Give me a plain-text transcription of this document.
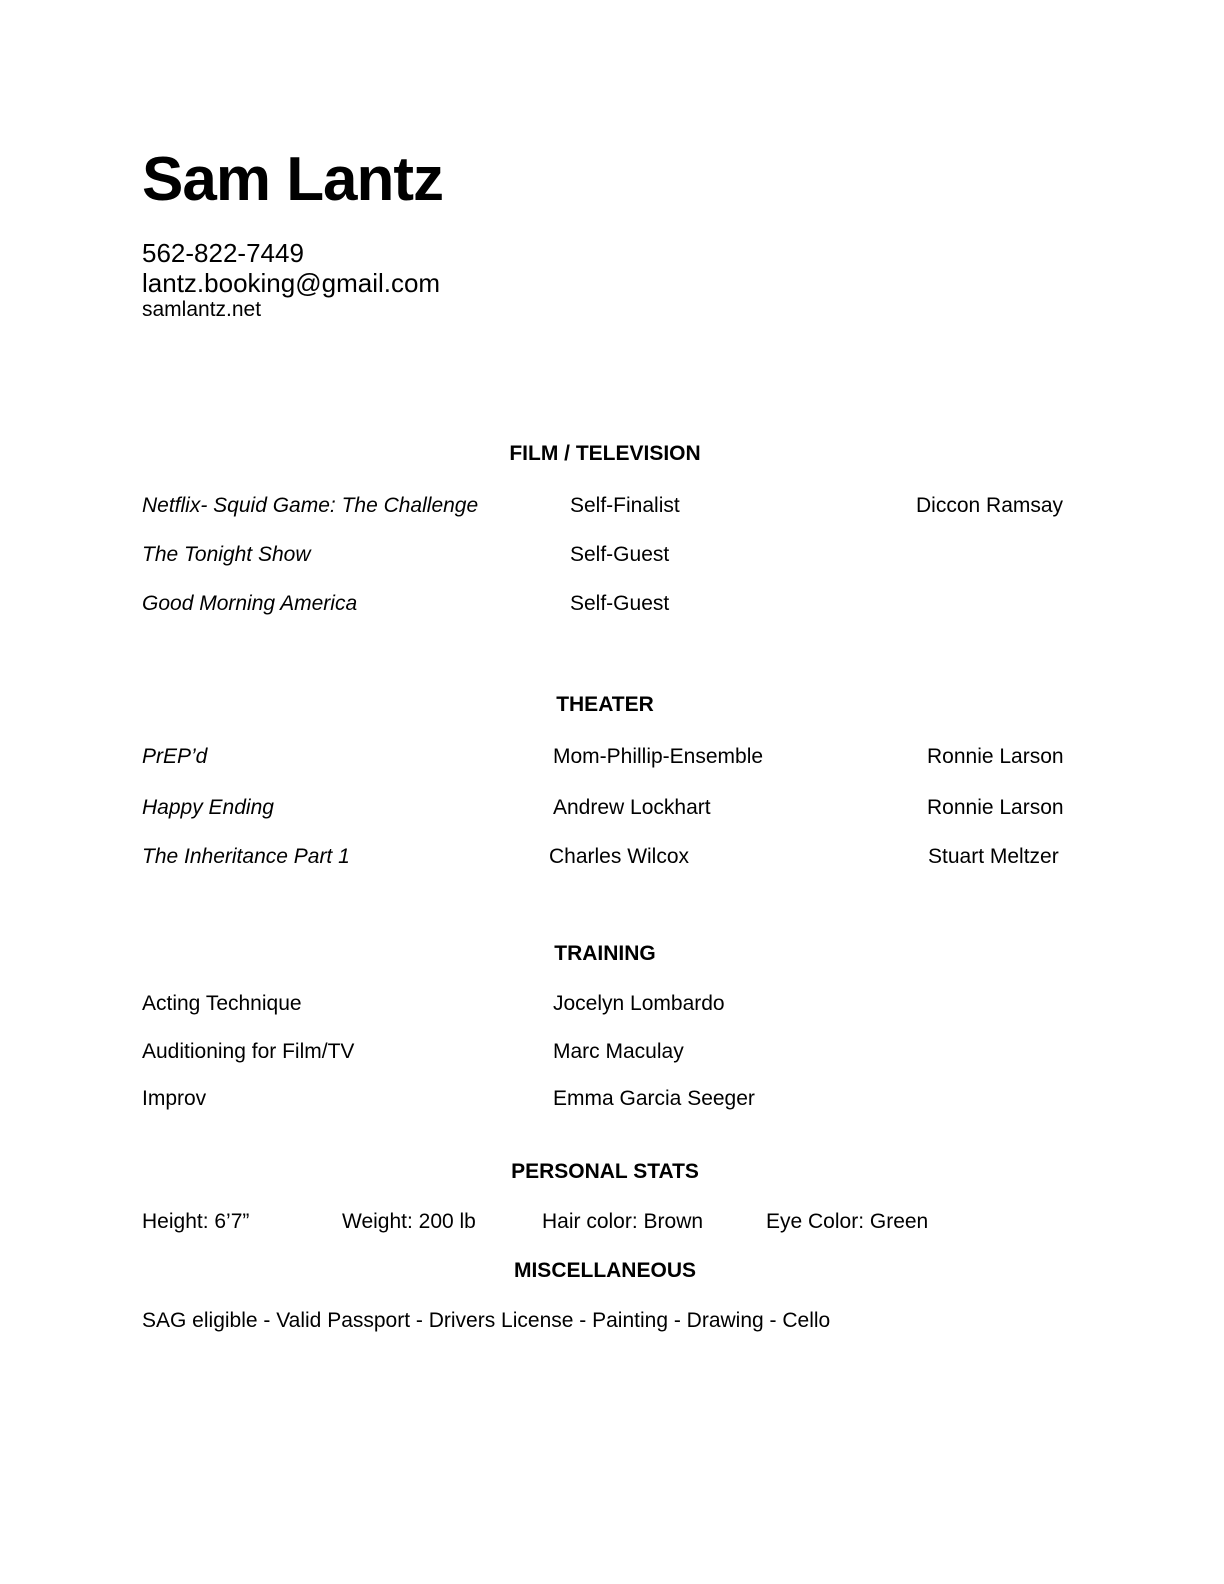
Sam Lantz
562-822-7449
lantz.booking@gmail.com
samlantz.net
FILM / TELEVISION
Netflix- Squid Game: The Challenge	Self-Finalist	Diccon Ramsay
The Tonight Show	Self-Guest
Good Morning America	Self-Guest
THEATER
PrEP’d	Mom-Phillip-Ensemble	Ronnie Larson
Happy Ending	Andrew Lockhart	Ronnie Larson
The Inheritance Part 1	Charles Wilcox	Stuart Meltzer
TRAINING
Acting Technique	Jocelyn Lombardo
Auditioning for Film/TV	Marc Maculay
Improv	Emma Garcia Seeger
PERSONAL STATS
Height: 6’7”	Weight: 200 lb	Hair color: Brown	Eye Color: Green
MISCELLANEOUS
SAG eligible - Valid Passport - Drivers License - Painting - Drawing - Cello
